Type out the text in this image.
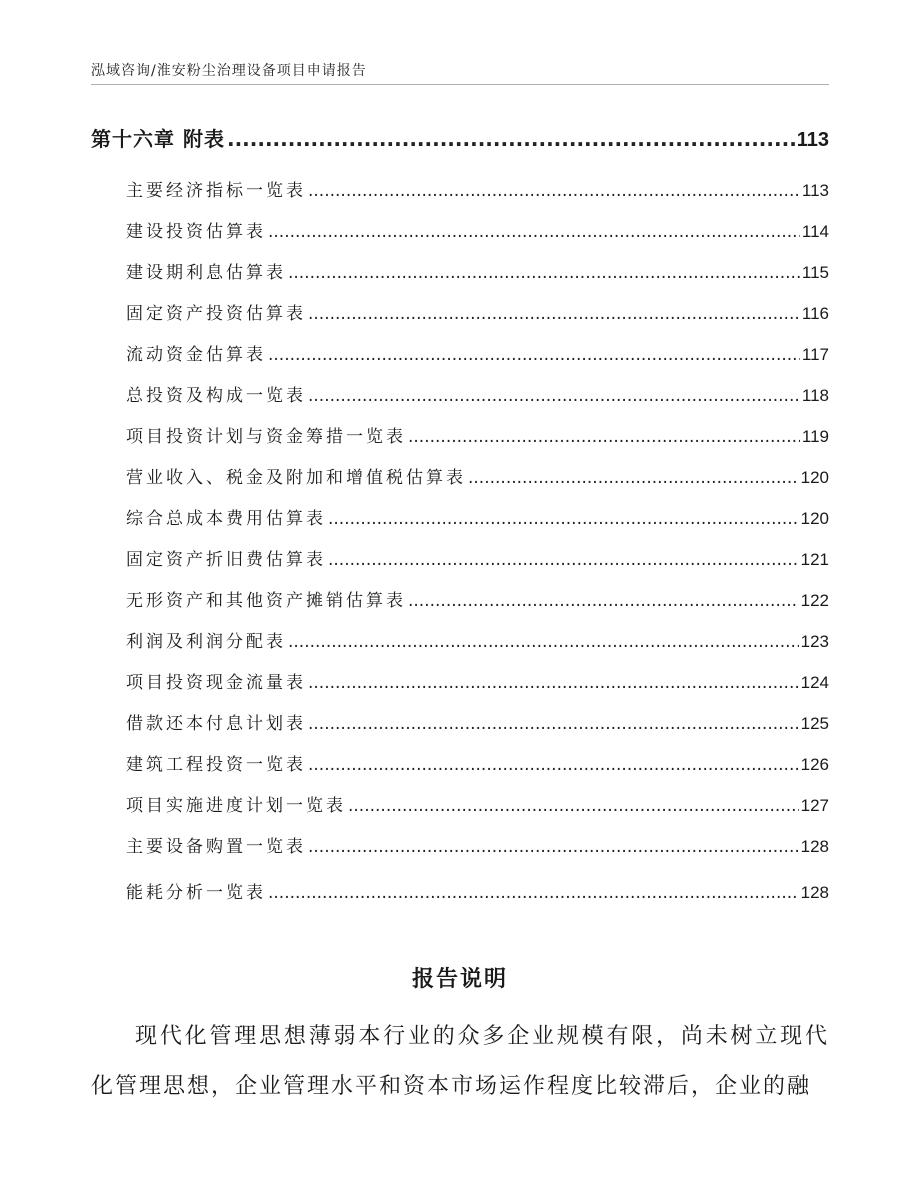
泓域咨询/淮安粉尘治理设备项目申请报告
第十六章 附表 .....	113
主要经济指标一览表 .....	113
建设投资估算表 .....	114
建设期利息估算表 .....	115
固定资产投资估算表 .....	116
流动资金估算表 .....	117
总投资及构成一览表 .....	118
项目投资计划与资金筹措一览表 .....	119
营业收入、税金及附加和增值税估算表 .....	120
综合总成本费用估算表 .....	120
固定资产折旧费估算表 .....	121
无形资产和其他资产摊销估算表 .....	122
利润及利润分配表 .....	123
项目投资现金流量表 .....	124
借款还本付息计划表 .....	125
建筑工程投资一览表 .....	126
项目实施进度计划一览表 .....	127
主要设备购置一览表 .....	128
能耗分析一览表 .....	128
报告说明
现代化管理思想薄弱本行业的众多企业规模有限，尚未树立现代化管理思想，企业管理水平和资本市场运作程度比较滞后，企业的融
